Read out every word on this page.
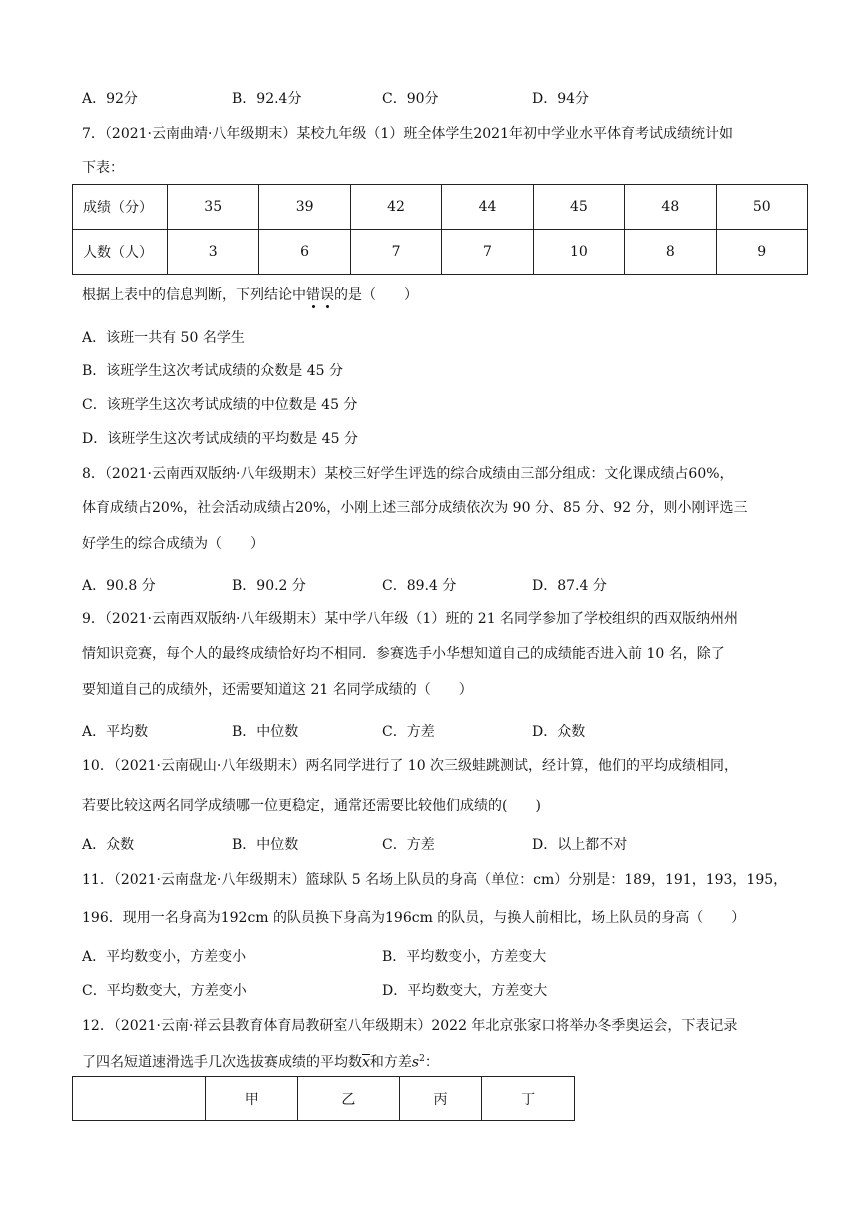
A．92分	B．92.4分	C．90分	D．94分
7．（2021·云南曲靖·八年级期末）某校九年级（1）班全体学生2021年初中学业水平体育考试成绩统计如
下表：
成绩（分）	35	39	42	44	45	48	50
人数（人）	3	6	7	7	10	8	9
根据上表中的信息判断，下列结论中错误的是（　　）
A．该班一共有 50 名学生
B．该班学生这次考试成绩的众数是 45 分
C．该班学生这次考试成绩的中位数是 45 分
D．该班学生这次考试成绩的平均数是 45 分
8．（2021·云南西双版纳·八年级期末）某校三好学生评选的综合成绩由三部分组成：文化课成绩占60%，
体育成绩占20%，社会活动成绩占20%，小刚上述三部分成绩依次为 90 分、85 分、92 分，则小刚评选三
好学生的综合成绩为（　　）
A．90.8 分	B．90.2 分	C．89.4 分	D．87.4 分
9．（2021·云南西双版纳·八年级期末）某中学八年级（1）班的 21 名同学参加了学校组织的西双版纳州州
情知识竞赛，每个人的最终成绩恰好均不相同．参赛选手小华想知道自己的成绩能否进入前 10 名，除了
要知道自己的成绩外，还需要知道这 21 名同学成绩的（　　）
A．平均数	B．中位数	C．方差	D．众数
10．（2021·云南砚山·八年级期末）两名同学进行了 10 次三级蛙跳测试，经计算，他们的平均成绩相同，
若要比较这两名同学成绩哪一位更稳定，通常还需要比较他们成绩的(　　)
A．众数	B．中位数	C．方差	D．以上都不对
11．（2021·云南盘龙·八年级期末）篮球队 5 名场上队员的身高（单位：cm）分别是：189，191，193，195，
196．现用一名身高为192cm 的队员换下身高为196cm 的队员，与换人前相比，场上队员的身高（　　）
A．平均数变小，方差变小	B．平均数变小，方差变大
C．平均数变大，方差变小	D．平均数变大，方差变大
12．（2021·云南·祥云县教育体育局教研室八年级期末）2022 年北京张家口将举办冬季奥运会，下表记录
了四名短道速滑选手几次选拔赛成绩的平均数$\overline{x}$和方差$s^2$：
	甲	乙	丙	丁
